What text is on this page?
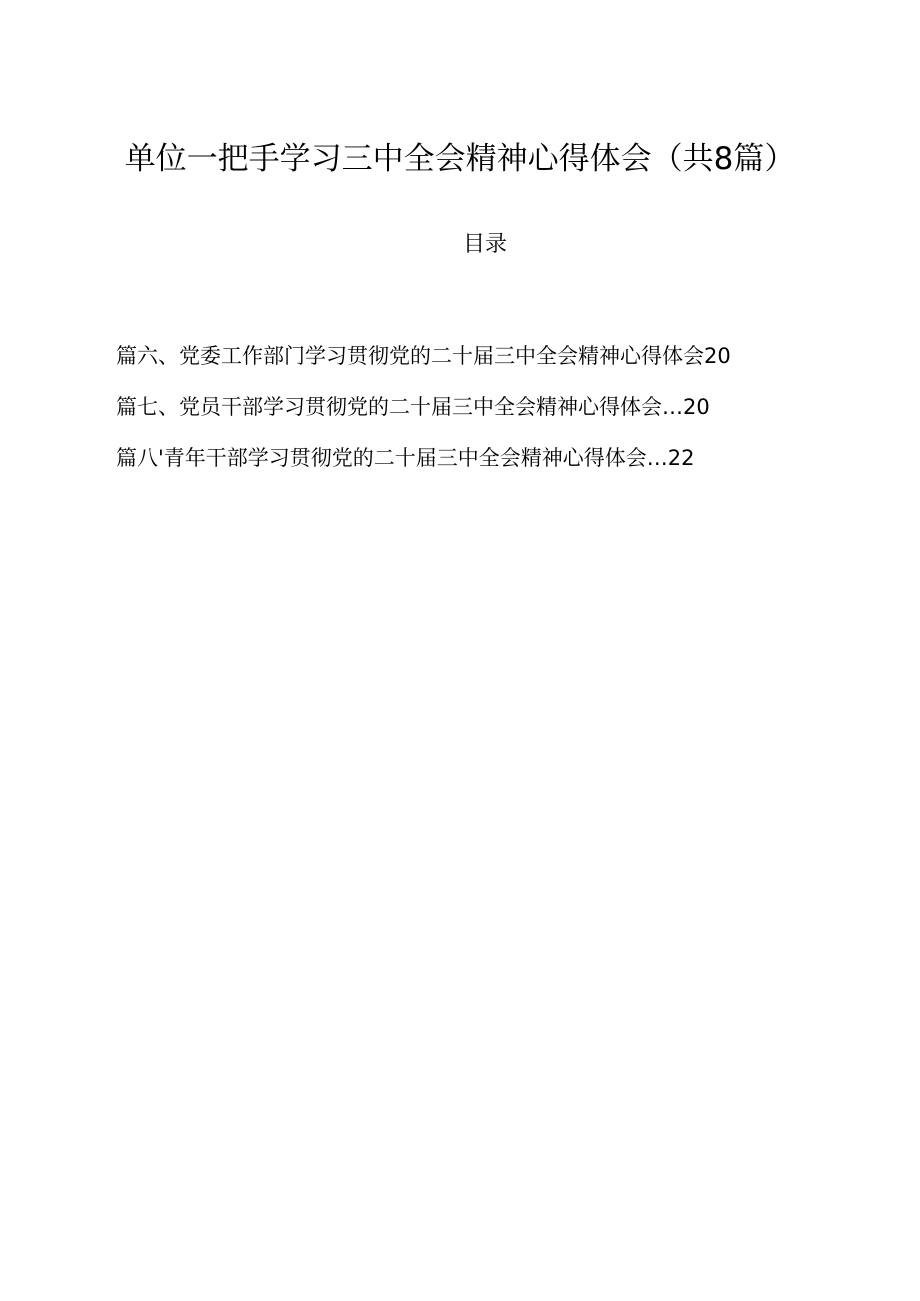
单位一把手学习三中全会精神心得体会（共8篇）
目录
篇六、党委工作部门学习贯彻党的二十届三中全会精神心得体会20
篇七、党员干部学习贯彻党的二十届三中全会精神心得体会…20
篇八'青年干部学习贯彻党的二十届三中全会精神心得体会…22
